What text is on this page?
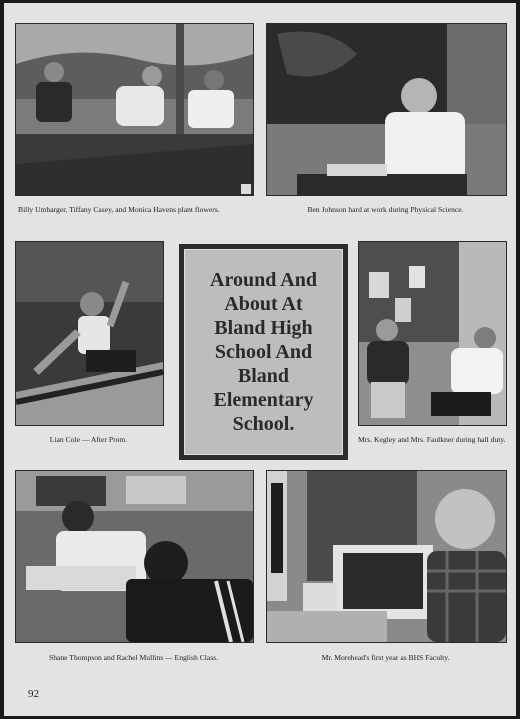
Billy Umbarger, Tiffany Casey, and Monica Havens plant flowers.	Ben Johnson hard at work during Physical Science.
Lian Cole — After Prom.
Around And
About At
Bland High
School And
Bland
Elementary
School.
Mrs. Kegley and Mrs. Faulkner during hall duty.
Shane Thompson and Rachel Mullins — English Class.	Mr. Morehead's first year as BHS Faculty.
92
